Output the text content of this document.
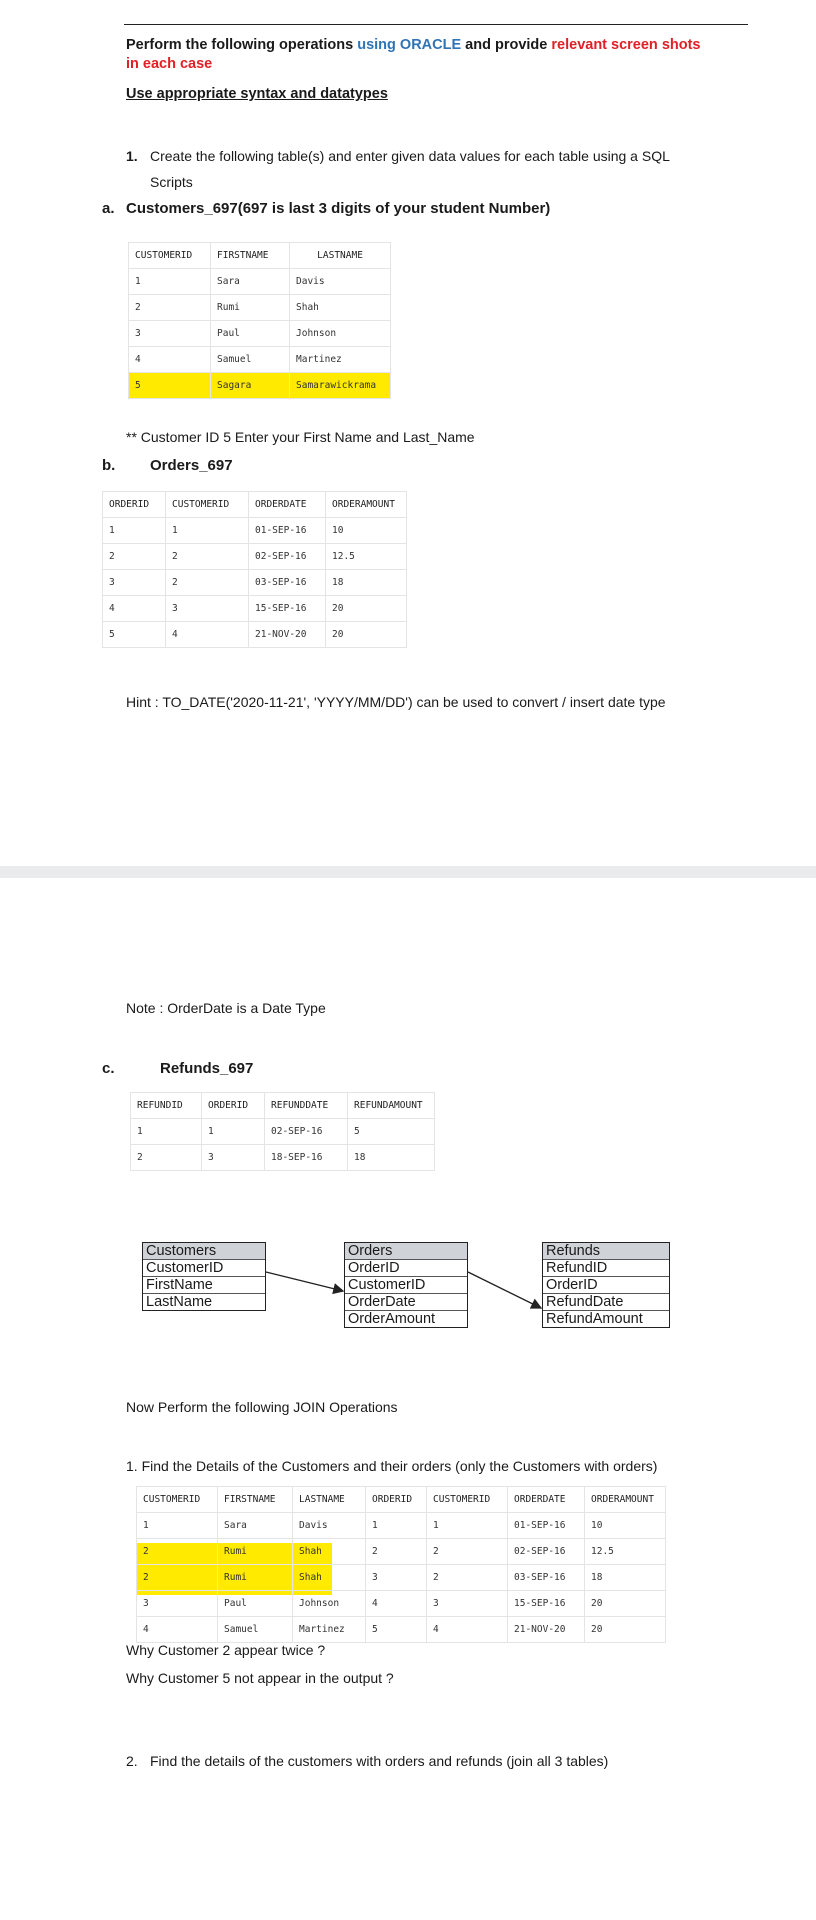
Perform the following operations using ORACLE and provide relevant screen shots
in each case
Use appropriate syntax and datatypes
1. Create the following table(s) and enter given data values for each table using a SQL
Scripts
a. Customers_697(697 is last 3 digits of your student Number)
CUSTOMERID	FIRSTNAME	LASTNAME
1	Sara	Davis
2	Rumi	Shah
3	Paul	Johnson
4	Samuel	Martinez
5	Sagara	Samarawickrama
** Customer ID 5 Enter your First Name and Last_Name
b. Orders_697
ORDERID	CUSTOMERID	ORDERDATE	ORDERAMOUNT
1	1	01-SEP-16	10
2	2	02-SEP-16	12.5
3	2	03-SEP-16	18
4	3	15-SEP-16	20
5	4	21-NOV-20	20
Hint : TO_DATE('2020-11-21', 'YYYY/MM/DD') can be used to convert / insert date type
Note : OrderDate is a Date Type
c.	Refunds_697
REFUNDID	ORDERID	REFUNDDATE	REFUNDAMOUNT
1	1	02-SEP-16	5
2	3	18-SEP-16	18
Customers
CustomerID
FirstName
LastName
Orders
OrderID
CustomerID
OrderDate
OrderAmount
Refunds
RefundID
OrderID
RefundDate
RefundAmount
Now Perform the following JOIN Operations
1. Find the Details of the Customers and their orders (only the Customers with orders)
CUSTOMERID	FIRSTNAME	LASTNAME	ORDERID	CUSTOMERID	ORDERDATE	ORDERAMOUNT
1	Sara	Davis	1	1	01-SEP-16	10
2	Rumi	Shah	2	2	02-SEP-16	12.5
2	Rumi	Shah	3	2	03-SEP-16	18
3	Paul	Johnson	4	3	15-SEP-16	20
4	Samuel	Martinez	5	4	21-NOV-20	20
Why Customer 2 appear twice ?
Why Customer 5 not appear in the output ?
2. Find the details of the customers with orders and refunds (join all 3 tables)
